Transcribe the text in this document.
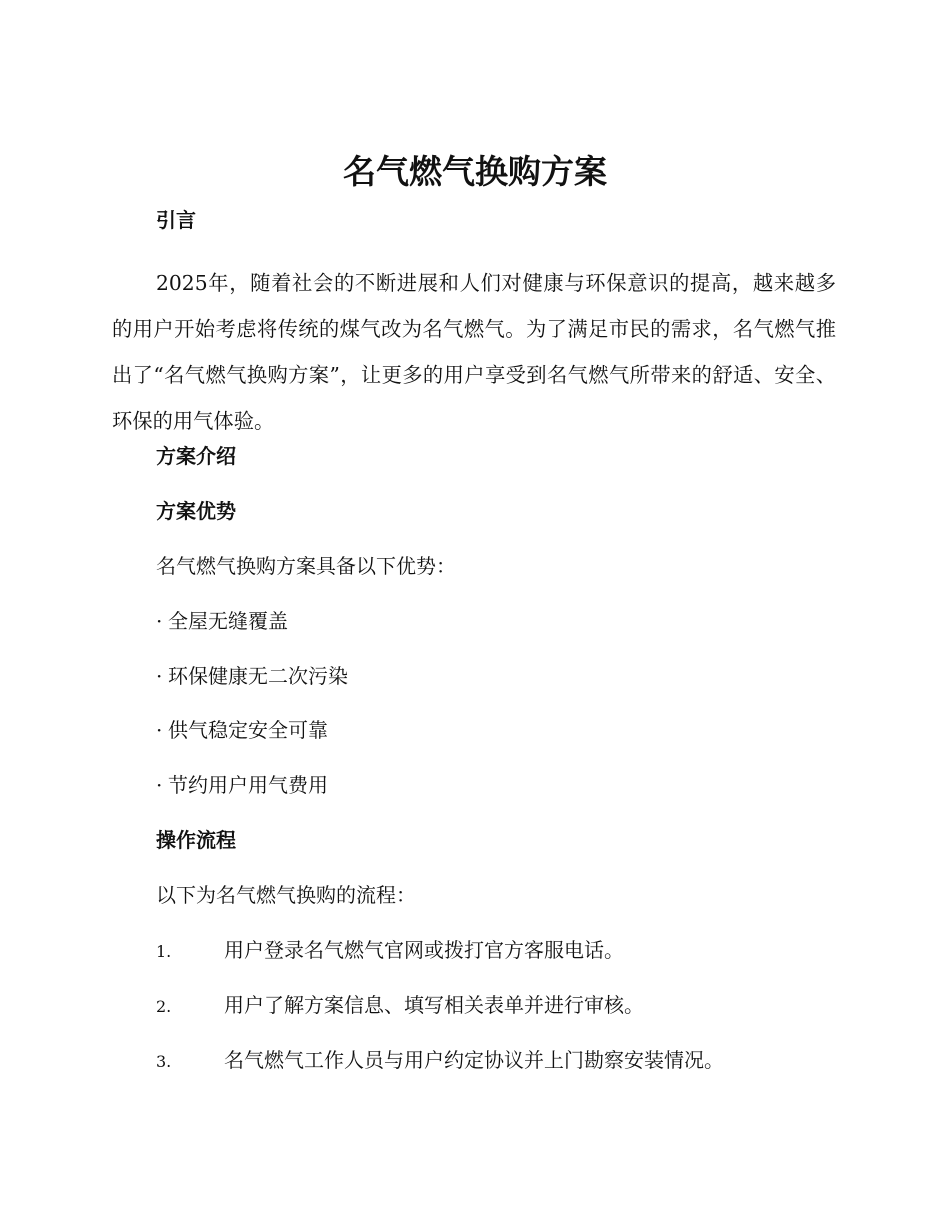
名气燃气换购方案
引言

2025年，随着社会的不断进展和人们对健康与环保意识的提高，越来越多的用户开始考虑将传统的煤气改为名气燃气。为了满足市民的需求，名气燃气推出了“名气燃气换购方案”，让更多的用户享受到名气燃气所带来的舒适、安全、环保的用气体验。

方案介绍
方案优势

名气燃气换购方案具备以下优势：

· 全屋无缝覆盖

· 环保健康无二次污染

· 供气稳定安全可靠

· 节约用户用气费用

操作流程

以下为名气燃气换购的流程：

1.	用户登录名气燃气官网或拨打官方客服电话。

2.	用户了解方案信息、填写相关表单并进行审核。

3.	名气燃气工作人员与用户约定协议并上门勘察安装情况。
